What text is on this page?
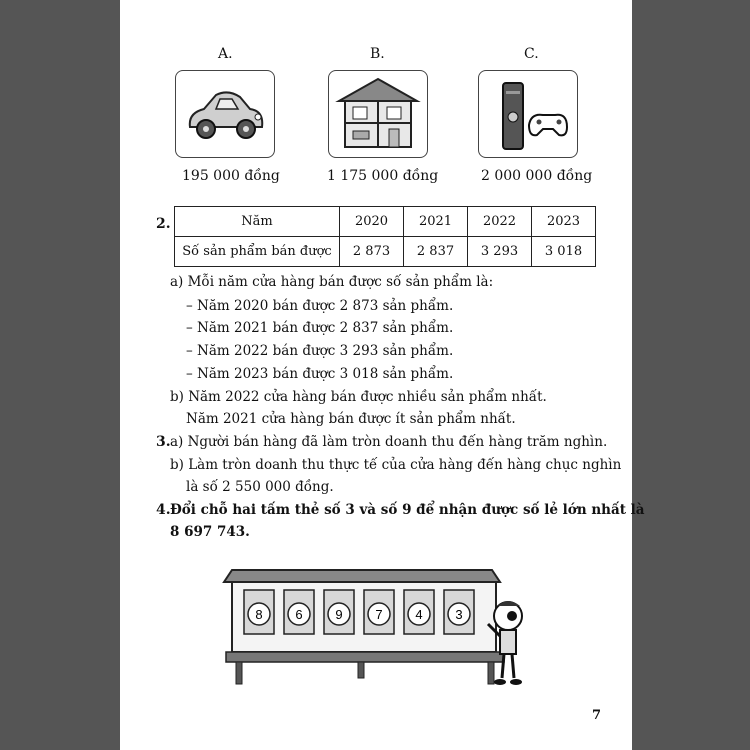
A.	B.	C.
195 000 đồng	1 175 000 đồng	2 000 000 đồng
2.	Năm	2020	2021	2022	2023
Số sản phẩm bán được	2 873	2 837	3 293	3 018
a) Mỗi năm cửa hàng bán được số sản phẩm là:
– Năm 2020 bán được 2 873 sản phẩm.
– Năm 2021 bán được 2 837 sản phẩm.
– Năm 2022 bán được 3 293 sản phẩm.
– Năm 2023 bán được 3 018 sản phẩm.
b) Năm 2022 cửa hàng bán được nhiều sản phẩm nhất.
Năm 2021 cửa hàng bán được ít sản phẩm nhất.
3. a) Người bán hàng đã làm tròn doanh thu đến hàng trăm nghìn.
b) Làm tròn doanh thu thực tế của cửa hàng đến hàng chục nghìn
là số 2 550 000 đồng.
4. Đổi chỗ hai tấm thẻ số 3 và số 9 để nhận được số lẻ lớn nhất là
8 697 743.
8	6	9	7	4	3
7
